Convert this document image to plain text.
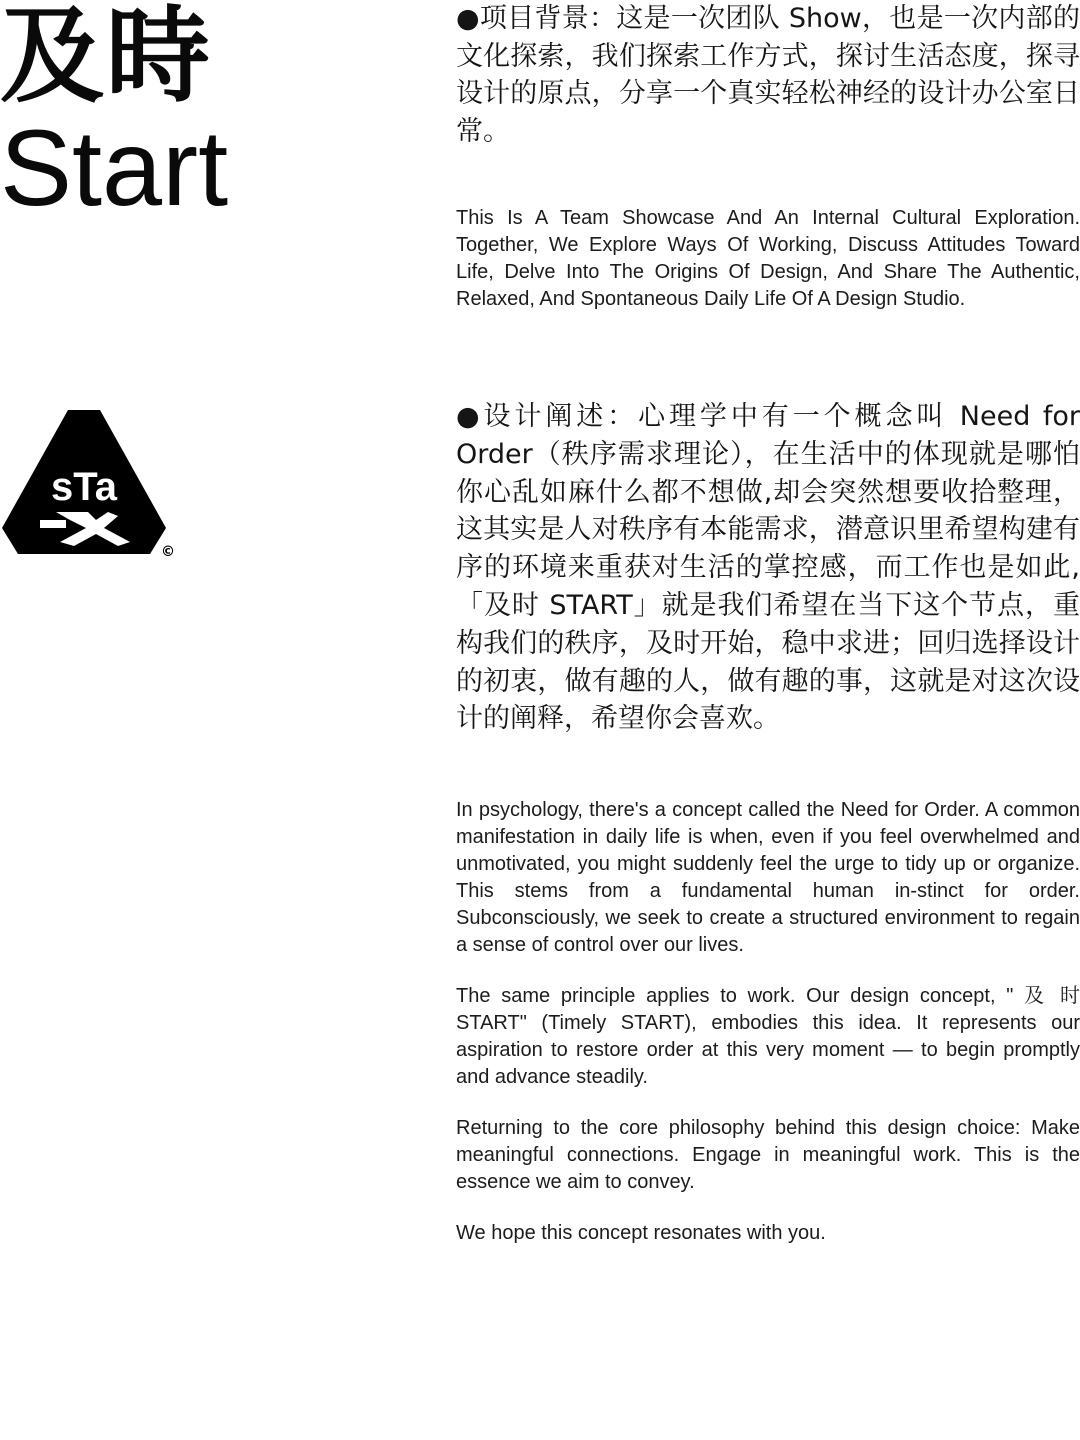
及時
Start
sTa
©
●项目背景：这是一次团队 Show，也是一次内部的文化探索，我们探索工作方式，探讨生活态度，探寻设计的原点，分享一个真实轻松神经的设计办公室日常。

This Is A Team Showcase And An Internal Cultural Exploration. Together, We Explore Ways Of Working, Discuss Attitudes Toward Life, Delve Into The Origins Of Design, And Share The Authentic, Relaxed, And Spontaneous Daily Life Of A Design Studio.

●设计阐述：心理学中有一个概念叫 Need for Order（秩序需求理论），在生活中的体现就是哪怕你心乱如麻什么都不想做,却会突然想要收拾整理，这其实是人对秩序有本能需求，潜意识里希望构建有序的环境来重获对生活的掌控感，而工作也是如此,「及时 START」就是我们希望在当下这个节点，重构我们的秩序，及时开始，稳中求进；回归选择设计的初衷，做有趣的人，做有趣的事，这就是对这次设计的阐释，希望你会喜欢。

In psychology, there's a concept called the Need for Order. A common manifestation in daily life is when, even if you feel overwhelmed and unmotivated, you might suddenly feel the urge to tidy up or organize. This stems from a fundamental human in-stinct for order. Subconsciously, we seek to create a structured environment to regain a sense of control over our lives.

The same principle applies to work. Our design concept, " 及 时 START" (Timely START), embodies this idea. It represents our aspiration to restore order at this very moment — to begin promptly and advance steadily.

Returning to the core philosophy behind this design choice: Make meaningful connections. Engage in meaningful work. This is the essence we aim to convey.

We hope this concept resonates with you.
